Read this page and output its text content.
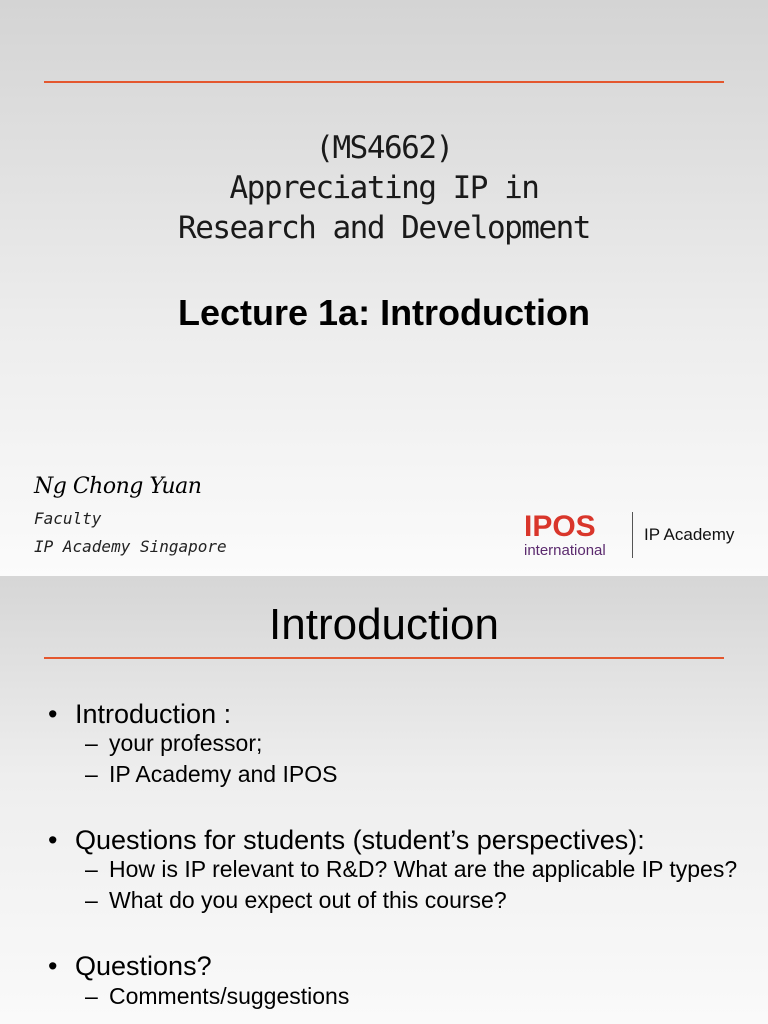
(MS4662)
Appreciating IP in
Research and Development
Lecture 1a: Introduction
Ng Chong Yuan
Faculty
IP Academy Singapore
IPOS
international
IP Academy
Introduction
• Introduction :
– your professor;
– IP Academy and IPOS
• Questions for students (student’s perspectives):
– How is IP relevant to R&D? What are the applicable IP types?
– What do you expect out of this course?
• Questions?
– Comments/suggestions
